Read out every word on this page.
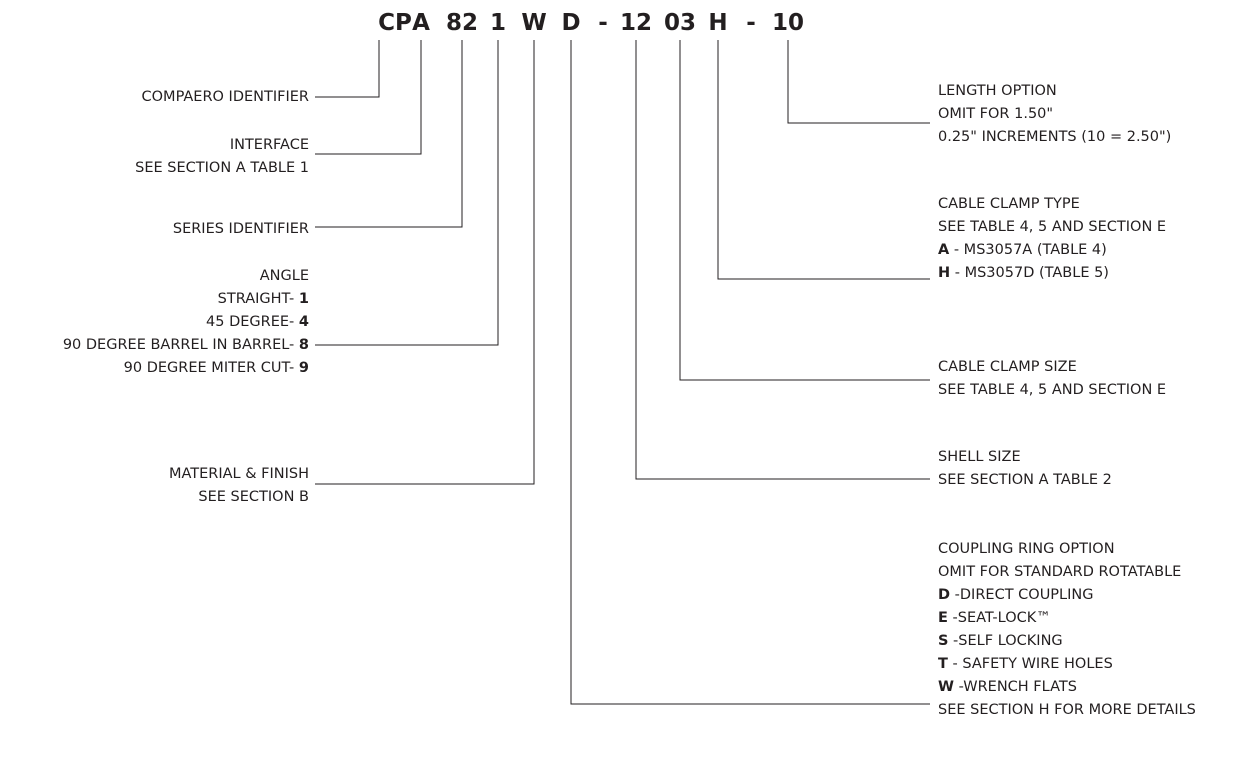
CP A 82 1 W D - 12 03 H - 10
COMPAERO IDENTIFIER
INTERFACE
SEE SECTION A TABLE 1
SERIES IDENTIFIER
ANGLE
STRAIGHT- 1
45 DEGREE- 4
90 DEGREE BARREL IN BARREL- 8
90 DEGREE MITER CUT- 9
MATERIAL & FINISH
SEE SECTION B
LENGTH OPTION
OMIT FOR 1.50"
0.25" INCREMENTS (10 = 2.50")
CABLE CLAMP TYPE
SEE TABLE 4, 5 AND SECTION E
A - MS3057A (TABLE 4)
H - MS3057D (TABLE 5)
CABLE CLAMP SIZE
SEE TABLE 4, 5 AND SECTION E
SHELL SIZE
SEE SECTION A TABLE 2
COUPLING RING OPTION
OMIT FOR STANDARD ROTATABLE
D -DIRECT COUPLING
E -SEAT-LOCK™
S -SELF LOCKING
T - SAFETY WIRE HOLES
W -WRENCH FLATS
SEE SECTION H FOR MORE DETAILS
